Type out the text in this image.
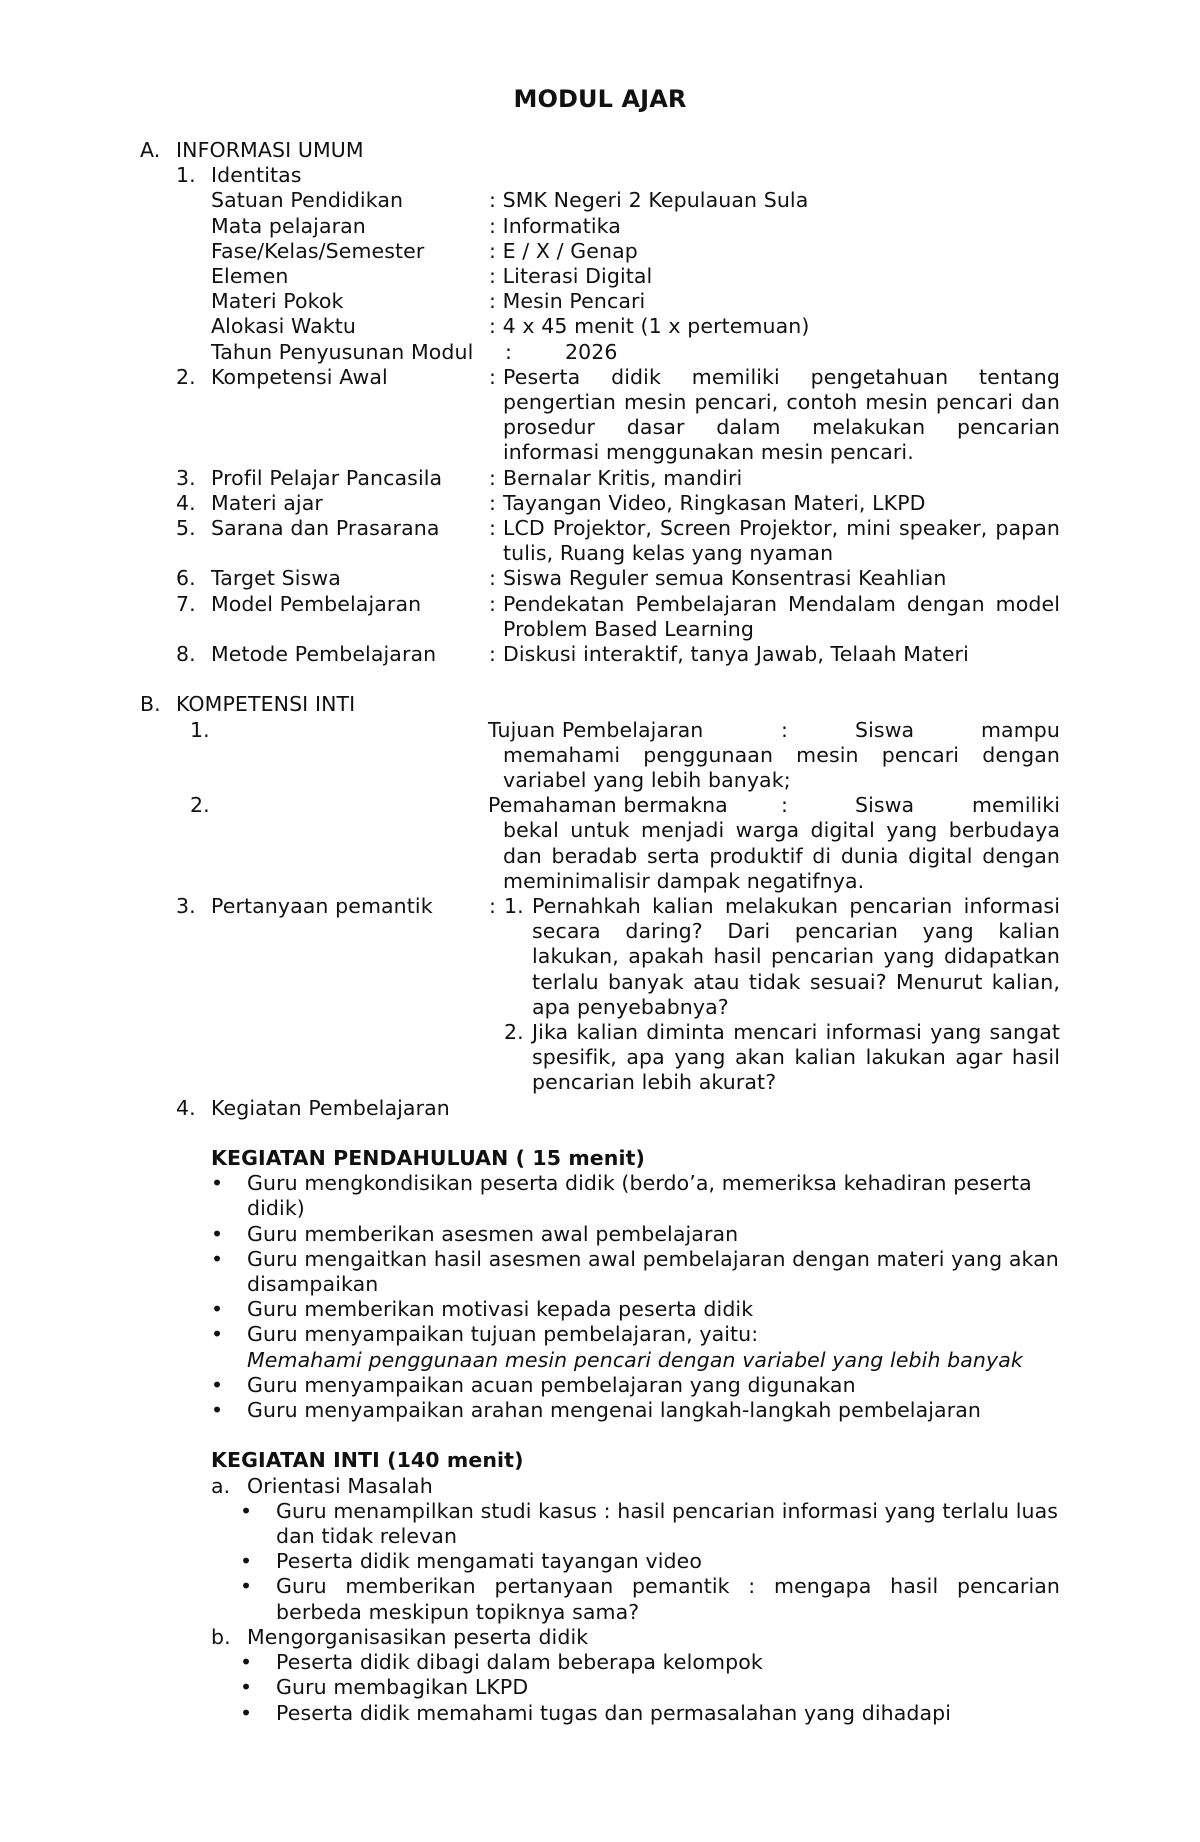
MODUL AJAR
A. INFORMASI UMUM
1. Identitas
Satuan Pendidikan	: SMK Negeri 2 Kepulauan Sula
Mata pelajaran	: Informatika
Fase/Kelas/Semester	: E / X / Genap
Elemen	: Literasi Digital
Materi Pokok	: Mesin Pencari
Alokasi Waktu	: 4 x 45 menit (1 x pertemuan)
Tahun Penyusunan Modul :	2026
2. Kompetensi Awal	: Peserta didik memiliki pengetahuan tentang pengertian mesin pencari, contoh mesin pencari dan prosedur dasar dalam melakukan pencarian informasi menggunakan mesin pencari.
3. Profil Pelajar Pancasila : Bernalar Kritis, mandiri
4. Materi ajar	: Tayangan Video, Ringkasan Materi, LKPD
5. Sarana dan Prasarana : LCD Projektor, Screen Projektor, mini speaker, papan tulis, Ruang kelas yang nyaman
6. Target Siswa	: Siswa Reguler semua Konsentrasi Keahlian
7. Model Pembelajaran	: Pendekatan Pembelajaran Mendalam dengan model Problem Based Learning
8. Metode Pembelajaran	: Diskusi interaktif, tanya Jawab, Telaah Materi
B. KOMPETENSI INTI
1.	Tujuan Pembelajaran	:	Siswa mampu memahami penggunaan mesin pencari dengan variabel yang lebih banyak;
2.	Pemahaman bermakna	:	Siswa memiliki bekal untuk menjadi warga digital yang berbudaya dan beradab serta produktif di dunia digital dengan meminimalisir dampak negatifnya.
3. Pertanyaan pemantik	: 1. Pernahkah kalian melakukan pencarian informasi secara daring? Dari pencarian yang kalian lakukan, apakah hasil pencarian yang didapatkan terlalu banyak atau tidak sesuai? Menurut kalian, apa penyebabnya?
2. Jika kalian diminta mencari informasi yang sangat spesifik, apa yang akan kalian lakukan agar hasil pencarian lebih akurat?
4. Kegiatan Pembelajaran
KEGIATAN PENDAHULUAN ( 15 menit)
• Guru mengkondisikan peserta didik (berdo’a, memeriksa kehadiran peserta didik)
• Guru memberikan asesmen awal pembelajaran
• Guru mengaitkan hasil asesmen awal pembelajaran dengan materi yang akan disampaikan
• Guru memberikan motivasi kepada peserta didik
• Guru menyampaikan tujuan pembelajaran, yaitu:
Memahami penggunaan mesin pencari dengan variabel yang lebih banyak
• Guru menyampaikan acuan pembelajaran yang digunakan
• Guru menyampaikan arahan mengenai langkah-langkah pembelajaran
KEGIATAN INTI (140 menit)
a. Orientasi Masalah
• Guru menampilkan studi kasus : hasil pencarian informasi yang terlalu luas dan tidak relevan
• Peserta didik mengamati tayangan video
• Guru memberikan pertanyaan pemantik : mengapa hasil pencarian berbeda meskipun topiknya sama?
b. Mengorganisasikan peserta didik
• Peserta didik dibagi dalam beberapa kelompok
• Guru membagikan LKPD
• Peserta didik memahami tugas dan permasalahan yang dihadapi
